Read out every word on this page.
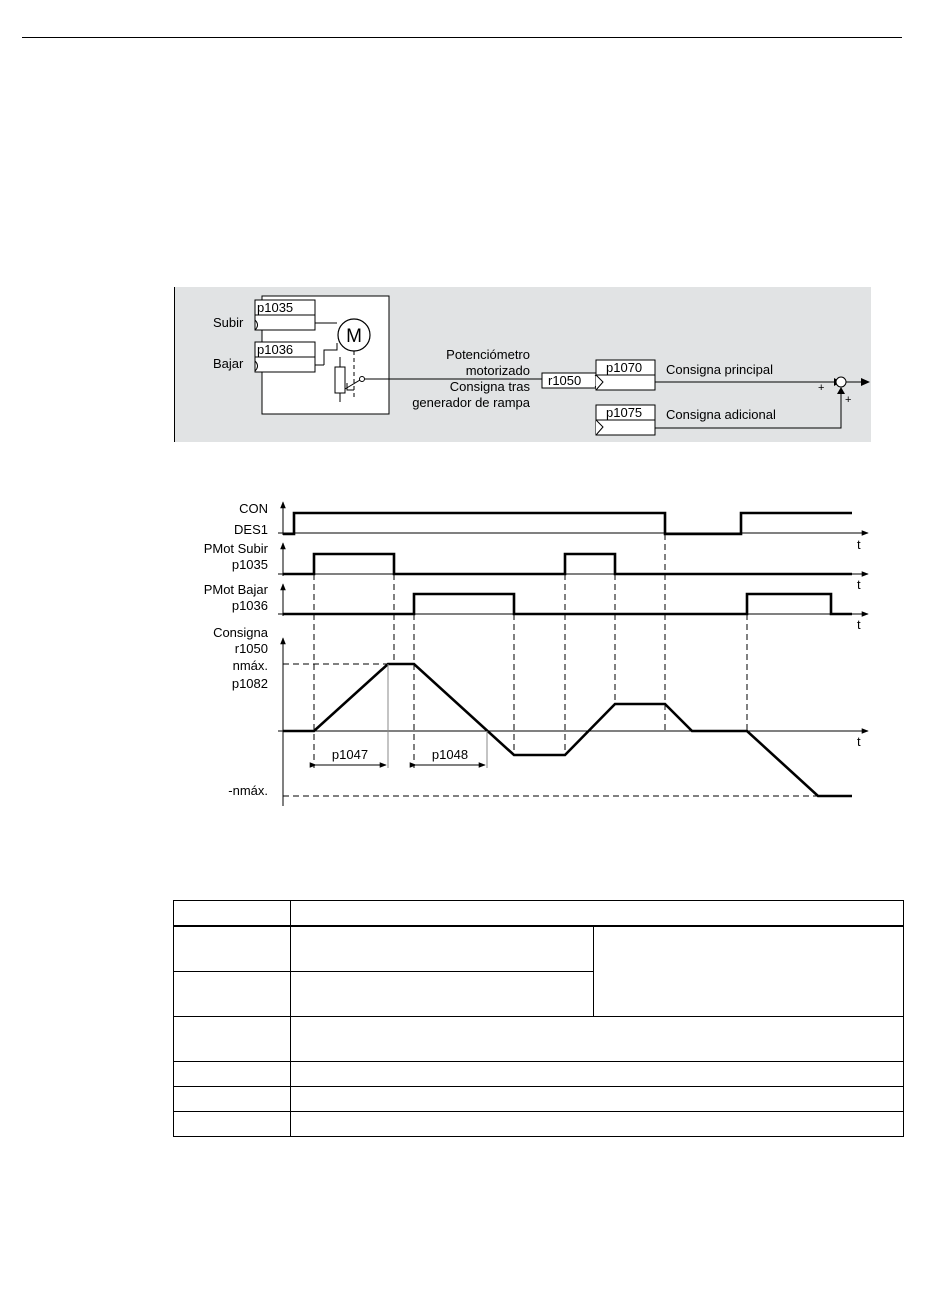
Subir
p1035
Bajar
p1036
M
Potenciómetro
motorizado
Consigna tras
generador de rampa
r1050
p1070 Consigna principal
+
p1075 Consigna adicional
+
CON
DES1
t
PMot Subir
p1035
t
PMot Bajar
p1036
t
Consigna
r1050
nmáx.
p1082
-nmáx.
t
p1047	p1048
